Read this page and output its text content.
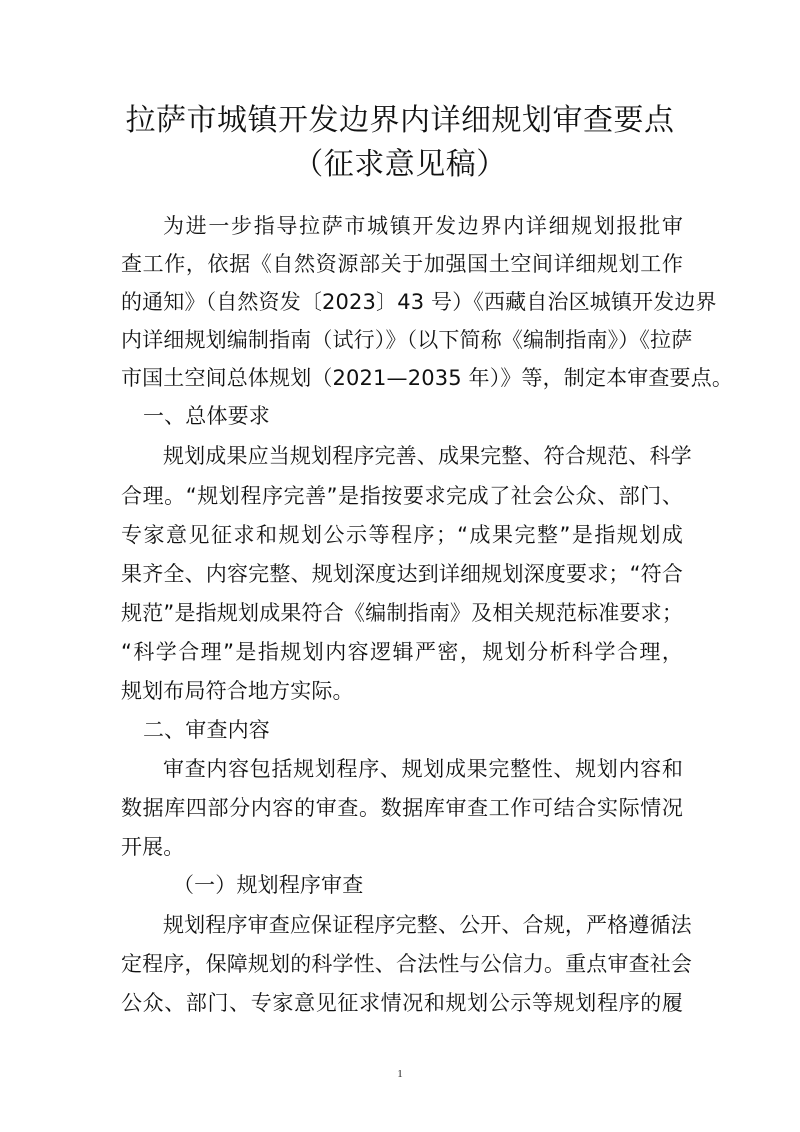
拉萨市城镇开发边界内详细规划审查要点
（征求意见稿）
为进一步指导拉萨市城镇开发边界内详细规划报批审
查工作，依据《自然资源部关于加强国土空间详细规划工作
的通知》（自然资发〔2023〕43 号）《西藏自治区城镇开发边界
内详细规划编制指南（试行）》（以下简称《编制指南》）《拉萨
市国土空间总体规划（2021—2035 年）》等，制定本审查要点。
一、总体要求
规划成果应当规划程序完善、成果完整、符合规范、科学
合理。“规划程序完善”是指按要求完成了社会公众、部门、
专家意见征求和规划公示等程序；“成果完整”是指规划成
果齐全、内容完整、规划深度达到详细规划深度要求；“符合
规范”是指规划成果符合《编制指南》及相关规范标准要求；
“科学合理”是指规划内容逻辑严密，规划分析科学合理，
规划布局符合地方实际。
二、审查内容
审查内容包括规划程序、规划成果完整性、规划内容和
数据库四部分内容的审查。数据库审查工作可结合实际情况
开展。
（一）规划程序审查
规划程序审查应保证程序完整、公开、合规，严格遵循法
定程序，保障规划的科学性、合法性与公信力。重点审查社会
公众、部门、专家意见征求情况和规划公示等规划程序的履
1
